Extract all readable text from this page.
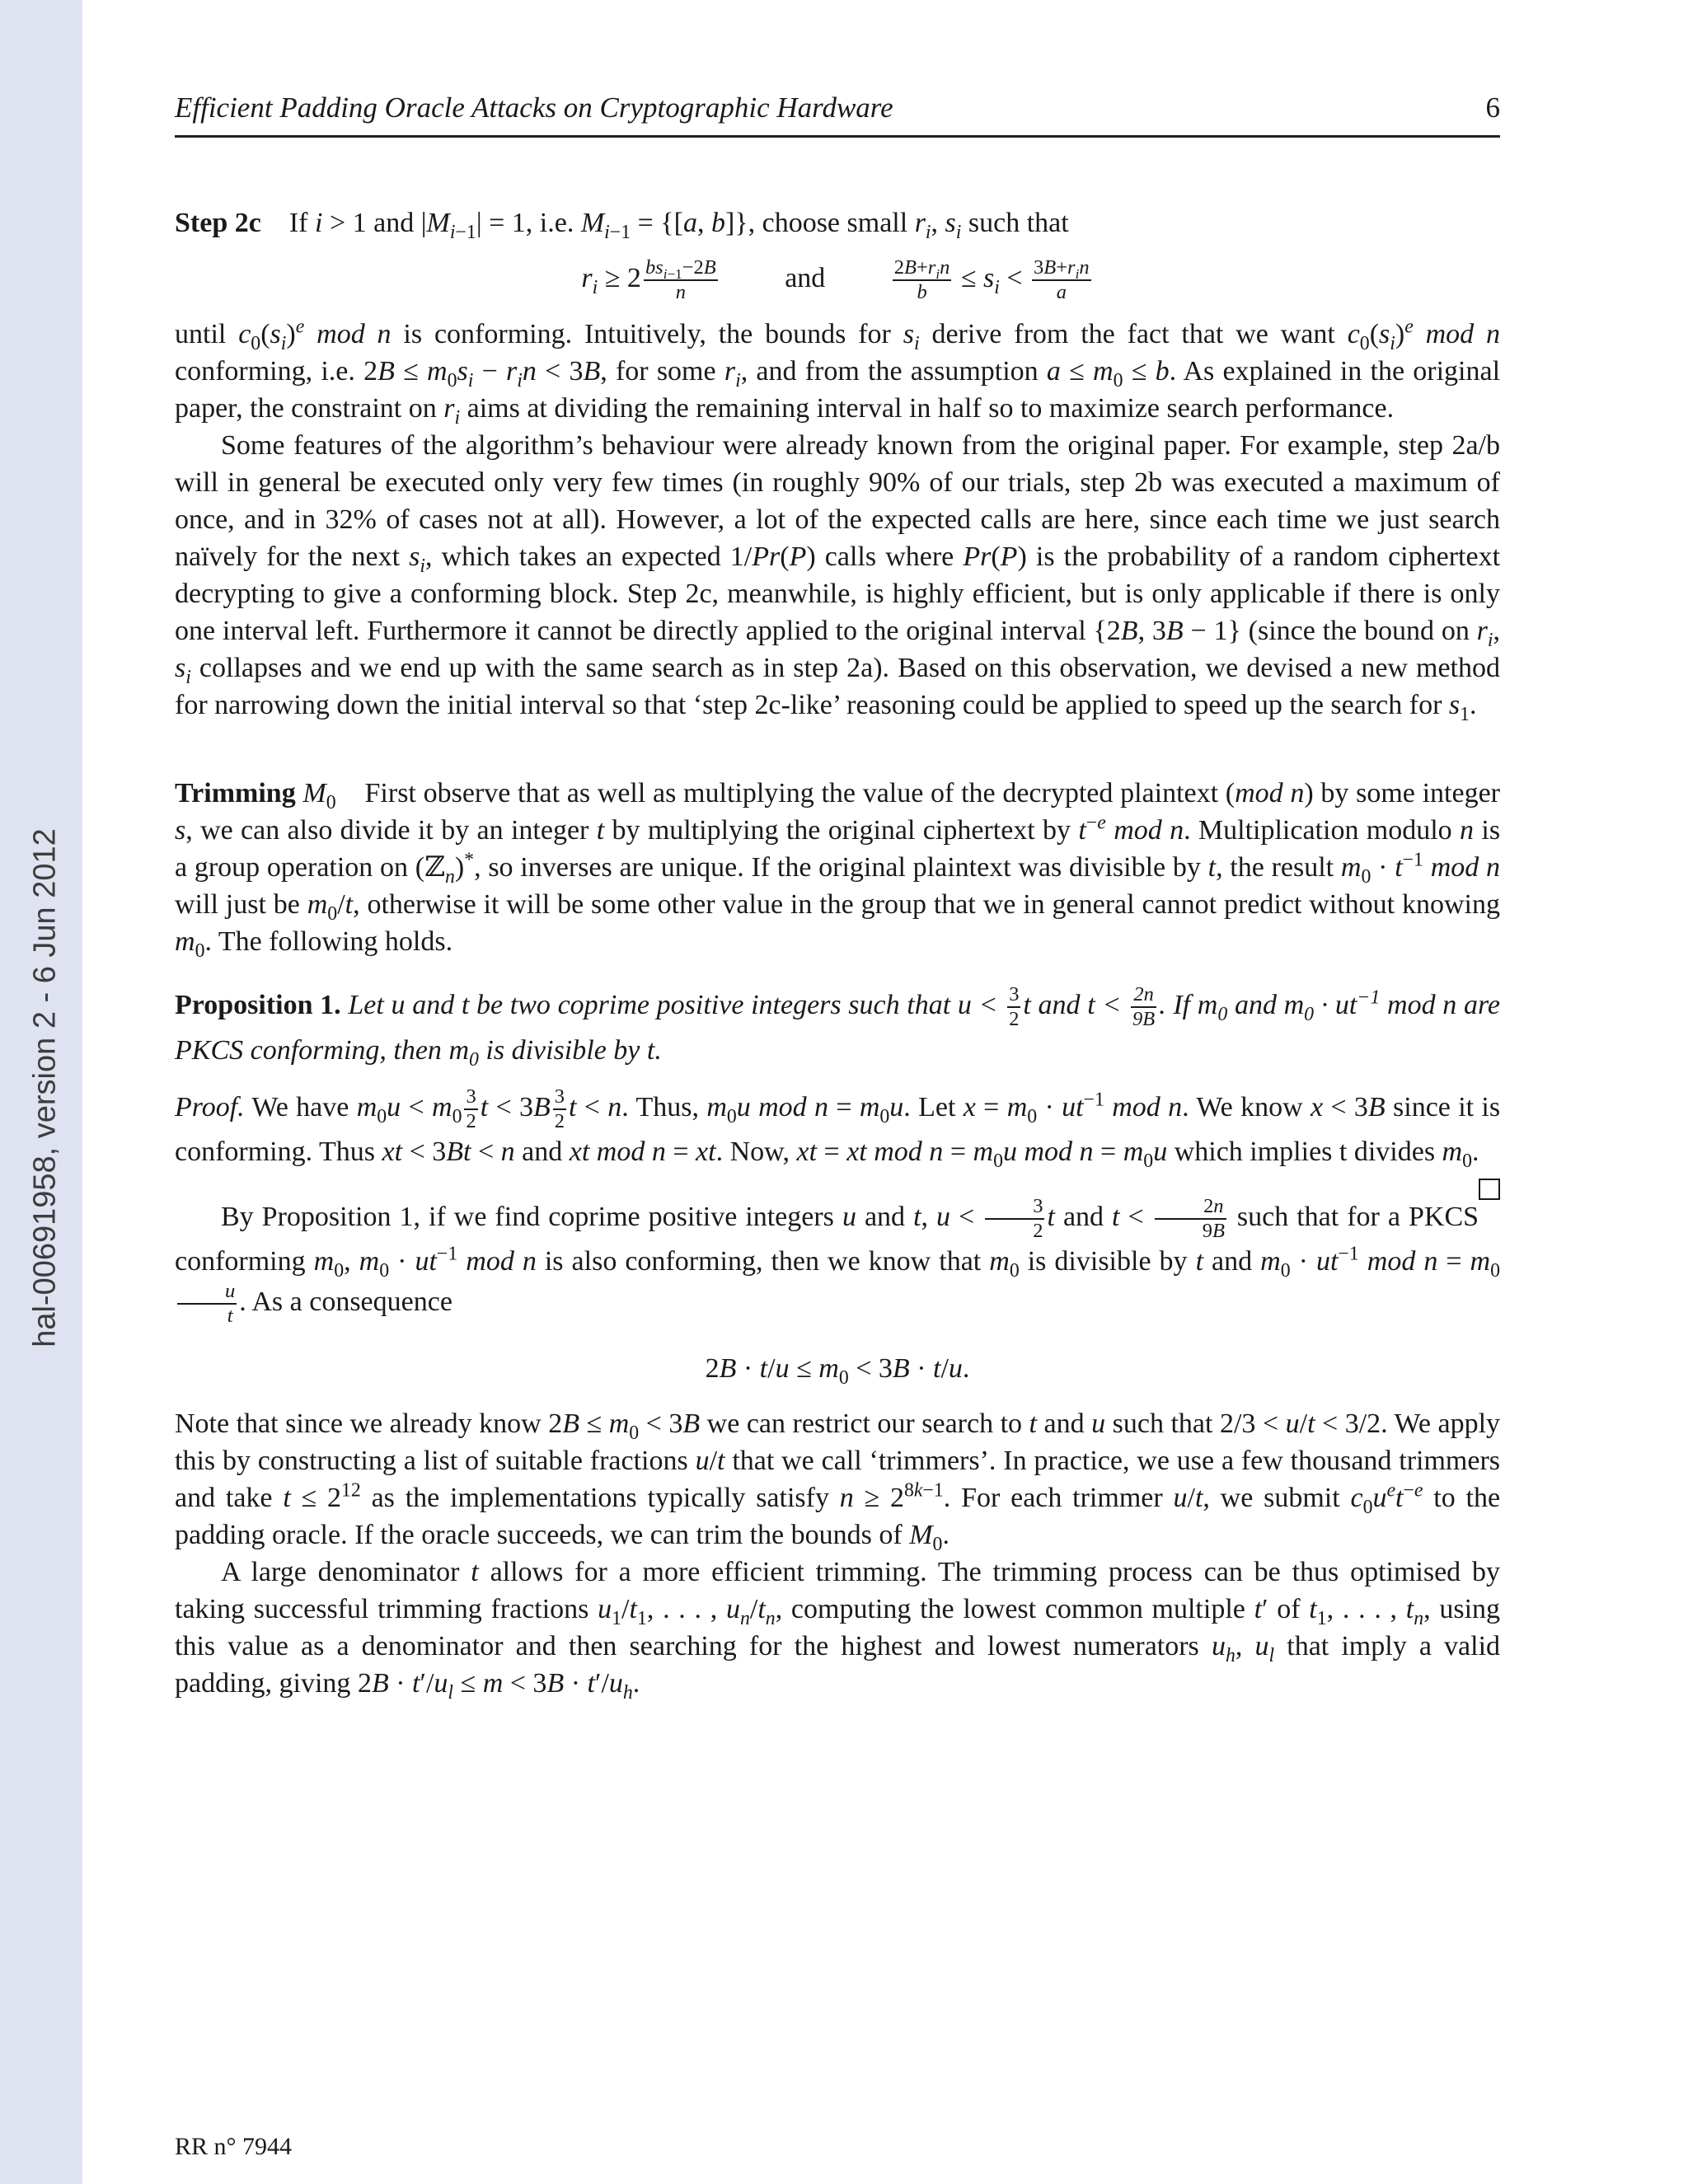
hal-00691958, version 2 - 6 Jun 2012
Efficient Padding Oracle Attacks on Cryptographic Hardware	6

Step 2c If i > 1 and $|M_{i-1}| = 1$, i.e. $M_{i-1} = \{[a$, b]}, choose small $r_i$, $s_i$ such that

$r_i \ge 2 \frac{bs_{i-1}-2B}{n}$ and	$\frac{2B+r_in}{b} \le s_i < \frac{3B+r_in}{a}$

until $c_0(s_i)^e$ mod n is conforming. Intuitively, the bounds for $s_i$ derive from the fact that we want $c_0(s_i)^e$ mod n conforming, i.e. $2B \le m_0s_i - r_in < 3B$, for some $r_i$, and from the assumption $a \le m_0 \le b$. As explained in the original paper, the constraint on $r_i$ aims at dividing the remaining interval in half so to maximize search performance.

Some features of the algorithm’s behaviour were already known from the original paper. For example, step 2a/b will in general be executed only very few times (in roughly 90% of our trials, step 2b was executed a maximum of once, and in 32% of cases not at all). However, a lot of the expected calls are here, since each time we just search naïvely for the next $s_i$, which takes an expected 1/Pr(P) calls where Pr(P) is the probability of a random ciphertext decrypting to give a conforming block. Step 2c, meanwhile, is highly efficient, but is only applicable if there is only one interval left. Furthermore it cannot be directly applied to the original interval {2B, 3B − 1} (since the bound on $r_i$, $s_i$ collapses and we end up with the same search as in step 2a). Based on this observation, we devised a new method for narrowing down the initial interval so that ‘step 2c-like’ reasoning could be applied to speed up the search for $s_1$.

Trimming $M_0$ First observe that as well as multiplying the value of the decrypted plaintext (mod n) by some integer s, we can also divide it by an integer t by multiplying the original ciphertext by $t^{-e}$ mod n. Multiplication modulo n is a group operation on (ℤ$_n$)*, so inverses are unique. If the original plaintext was divisible by t, the result $m_0 \cdot t^{-1}$ mod n will just be $m_0/t$, otherwise it will be some other value in the group that we in general cannot predict without knowing $m_0$. The following holds.

Proposition 1. Let u and t be two coprime positive integers such that $u < \frac{3}{2}$ t and $t < \frac{2n}{9B}$ . If $m_0$ and $m_0 \cdot ut^{-1}$ mod n are PKCS conforming, then $m_0$ is divisible by t.

Proof. We have $m_0u < m_0 \frac{3}{2}$ $t < 3B \frac{3}{2}$ t < n. Thus, $m_0u$ mod $n = m_0u$. Let $x = m_0 \cdot ut^{-1}$ mod n. We know x < 3B since it is conforming. Thus xt < 3Bt < n and xt mod n = xt. Now, xt = xt mod $n = m_0u$ mod $n = m_0u$ which implies t divides $m_0$.

By Proposition 1, if we find coprime positive integers u and t, $u < \frac{3}{2}$ t and $t < \frac{2n}{9B}$ such that for a PKCS conforming $m_0$, $m_0 \cdot ut^{-1}$ mod n is also conforming, then we know that $m_0$ is divisible by t and $m_0 \cdot ut^{-1}$ mod $n = m_0$
$\frac{u}{t}$ . As a consequence

$2B \cdot t/u \le m_0 < 3B \cdot t/u$.

Note that since we already know $2B \le m_0 < 3B$ we can restrict our search to t and u such that 2/3 < u/t < 3/2. We apply this by constructing a list of suitable fractions u/t that we call ‘trimmers’. In practice, we use a few thousand trimmers and take $t \le 2^{12}$ as the implementations typically satisfy $n \ge 2^{8k-1}$. For each trimmer u/t, we submit $c_0u^et^{-e}$ to the padding oracle. If the oracle succeeds, we can trim the bounds of $M_0$.

A large denominator t allows for a more efficient trimming. The trimming process can be thus optimised by taking successful trimming fractions $u_1/t_1$, . . . , $u_n/t_n$, computing the lowest common multiple t′ of $t_1$, . . . , $t_n$, using this value as a denominator and then searching for the highest and lowest numerators $u_h$, $u_l$ that imply a valid padding, giving $2B \cdot t'/u_l \le m < 3B \cdot t'/u_h$.

RR n° 7944
